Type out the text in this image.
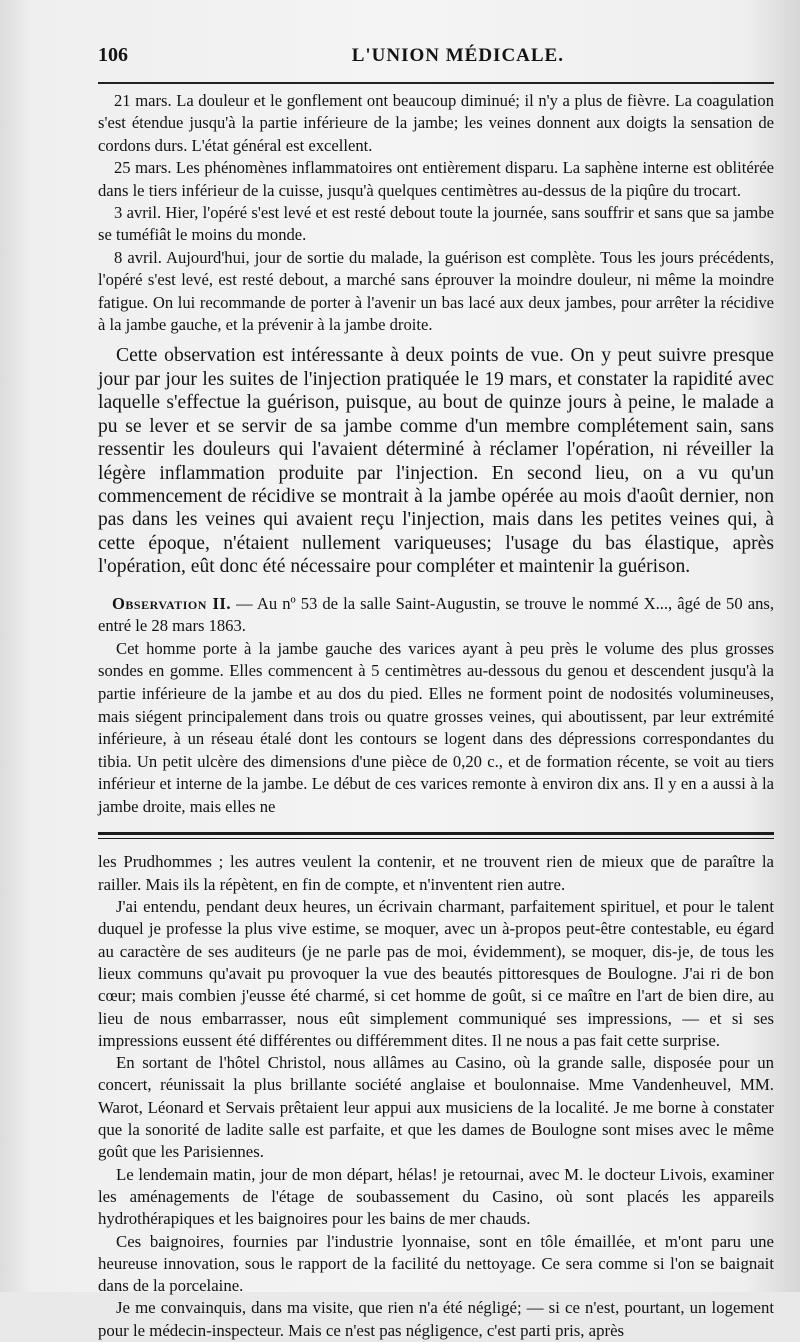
106	L'UNION MÉDICALE.

21 mars. La douleur et le gonflement ont beaucoup diminué; il n'y a plus de fièvre. La coagulation s'est étendue jusqu'à la partie inférieure de la jambe; les veines donnent aux doigts la sensation de cordons durs. L'état général est excellent.

25 mars. Les phénomènes inflammatoires ont entièrement disparu. La saphène interne est oblitérée dans le tiers inférieur de la cuisse, jusqu'à quelques centimètres au-dessus de la piqûre du trocart.

3 avril. Hier, l'opéré s'est levé et est resté debout toute la journée, sans souffrir et sans que sa jambe se tuméfiât le moins du monde.

8 avril. Aujourd'hui, jour de sortie du malade, la guérison est complète. Tous les jours précédents, l'opéré s'est levé, est resté debout, a marché sans éprouver la moindre douleur, ni même la moindre fatigue. On lui recommande de porter à l'avenir un bas lacé aux deux jambes, pour arrêter la récidive à la jambe gauche, et la prévenir à la jambe droite.

Cette observation est intéressante à deux points de vue. On y peut suivre presque jour par jour les suites de l'injection pratiquée le 19 mars, et constater la rapidité avec laquelle s'effectue la guérison, puisque, au bout de quinze jours à peine, le malade a pu se lever et se servir de sa jambe comme d'un membre complétement sain, sans ressentir les douleurs qui l'avaient déterminé à réclamer l'opération, ni réveiller la légère inflammation produite par l'injection. En second lieu, on a vu qu'un commencement de récidive se montrait à la jambe opérée au mois d'août dernier, non pas dans les veines qui avaient reçu l'injection, mais dans les petites veines qui, à cette époque, n'étaient nullement variqueuses; l'usage du bas élastique, après l'opération, eût donc été nécessaire pour compléter et maintenir la guérison.

Observation II. — Au nº 53 de la salle Saint-Augustin, se trouve le nommé X..., âgé de 50 ans, entré le 28 mars 1863.

Cet homme porte à la jambe gauche des varices ayant à peu près le volume des plus grosses sondes en gomme. Elles commencent à 5 centimètres au-dessous du genou et descendent jusqu'à la partie inférieure de la jambe et au dos du pied. Elles ne forment point de nodosités volumineuses, mais siégent principalement dans trois ou quatre grosses veines, qui aboutissent, par leur extrémité inférieure, à un réseau étalé dont les contours se logent dans des dépressions correspondantes du tibia. Un petit ulcère des dimensions d'une pièce de 0,20 c., et de formation récente, se voit au tiers inférieur et interne de la jambe. Le début de ces varices remonte à environ dix ans. Il y en a aussi à la jambe droite, mais elles ne

les Prudhommes ; les autres veulent la contenir, et ne trouvent rien de mieux que de paraître la railler. Mais ils la répètent, en fin de compte, et n'inventent rien autre.

J'ai entendu, pendant deux heures, un écrivain charmant, parfaitement spirituel, et pour le talent duquel je professe la plus vive estime, se moquer, avec un à-propos peut-être contestable, eu égard au caractère de ses auditeurs (je ne parle pas de moi, évidemment), se moquer, dis-je, de tous les lieux communs qu'avait pu provoquer la vue des beautés pittoresques de Boulogne. J'ai ri de bon cœur; mais combien j'eusse été charmé, si cet homme de goût, si ce maître en l'art de bien dire, au lieu de nous embarrasser, nous eût simplement communiqué ses impressions, — et si ses impressions eussent été différentes ou différemment dites. Il ne nous a pas fait cette surprise.

En sortant de l'hôtel Christol, nous allâmes au Casino, où la grande salle, disposée pour un concert, réunissait la plus brillante société anglaise et boulonnaise. Mme Vandenheuvel, MM. Warot, Léonard et Servais prêtaient leur appui aux musiciens de la localité. Je me borne à constater que la sonorité de ladite salle est parfaite, et que les dames de Boulogne sont mises avec le même goût que les Parisiennes.

Le lendemain matin, jour de mon départ, hélas! je retournai, avec M. le docteur Livois, examiner les aménagements de l'étage de soubassement du Casino, où sont placés les appareils hydrothérapiques et les baignoires pour les bains de mer chauds.

Ces baignoires, fournies par l'industrie lyonnaise, sont en tôle émaillée, et m'ont paru une heureuse innovation, sous le rapport de la facilité du nettoyage. Ce sera comme si l'on se baignait dans de la porcelaine.

Je me convainquis, dans ma visite, que rien n'a été négligé; — si ce n'est, pourtant, un logement pour le médecin-inspecteur. Mais ce n'est pas négligence, c'est parti pris, après
